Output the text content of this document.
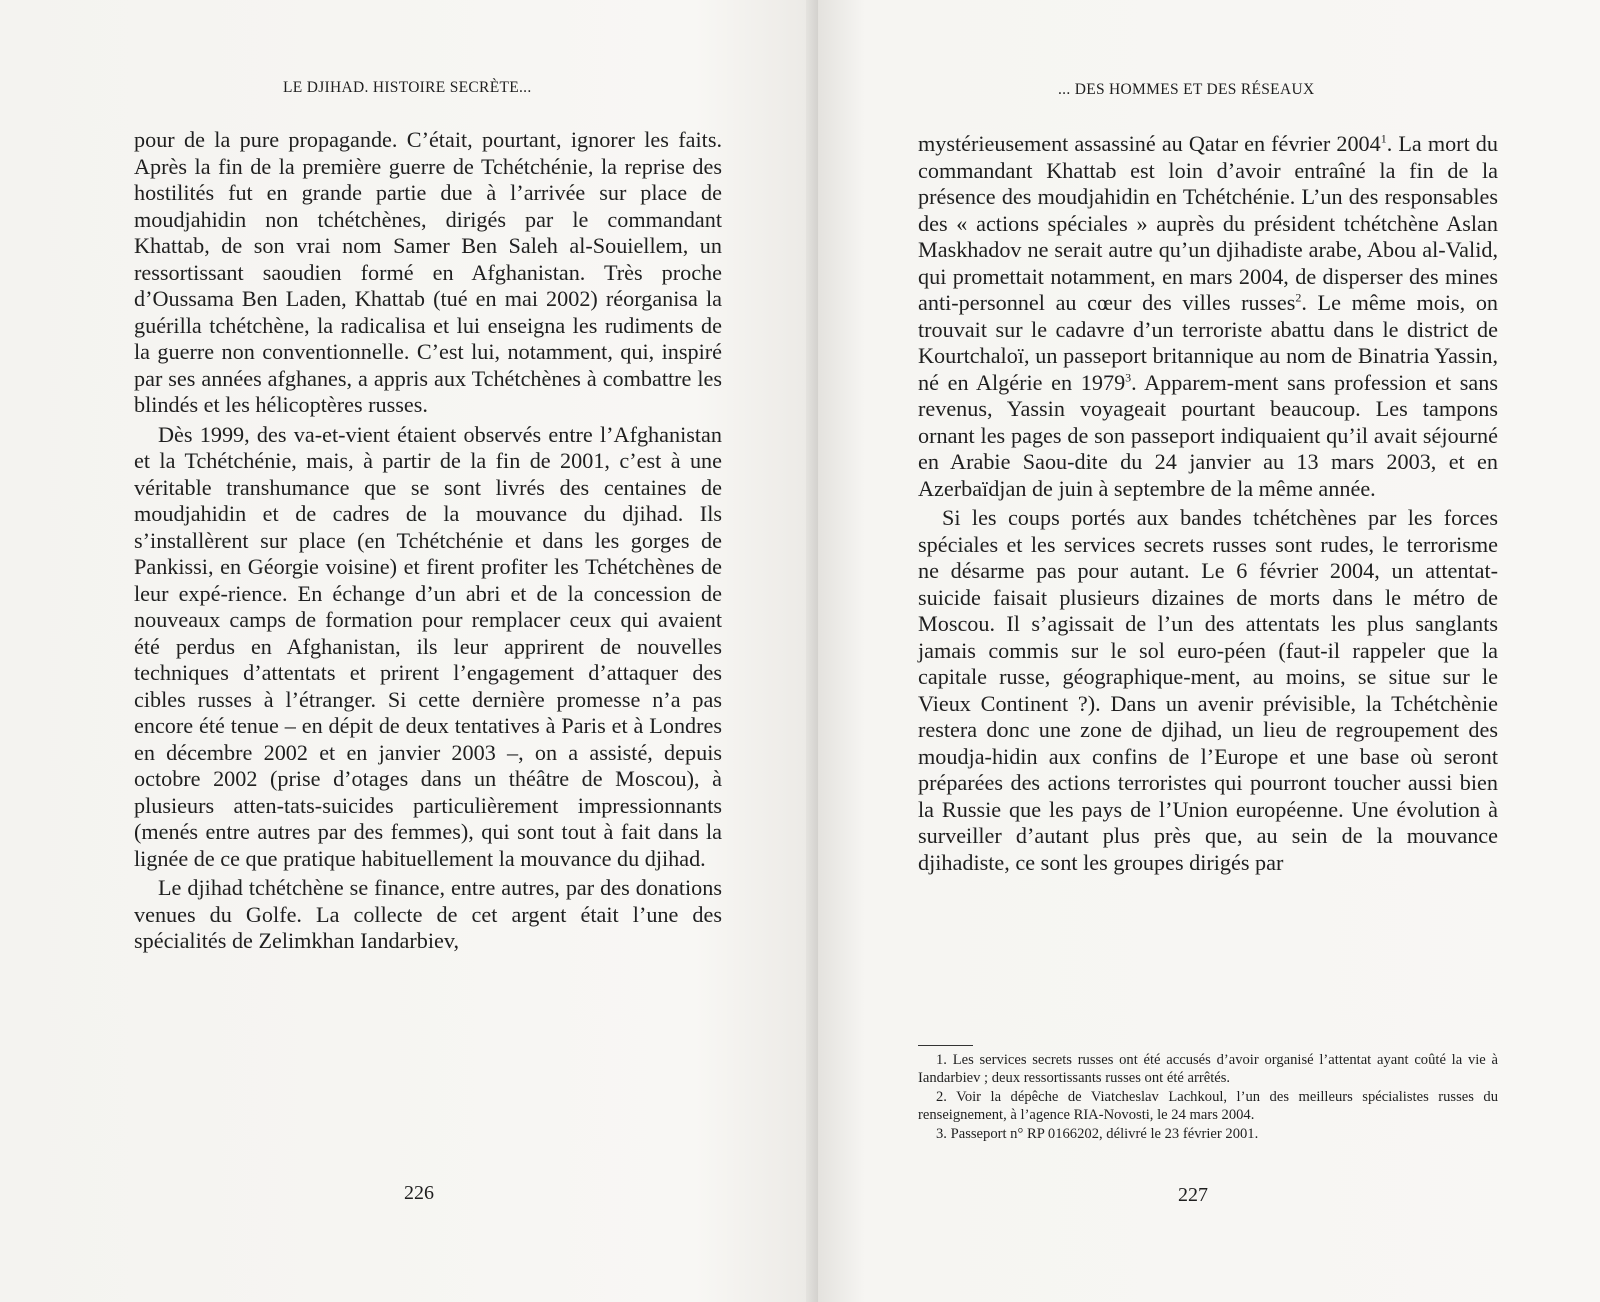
LE DJIHAD. HISTOIRE SECRÈTE...

pour de la pure propagande. C’était, pourtant, ignorer les faits. Après la fin de la première guerre de Tchétchénie, la reprise des hostilités fut en grande partie due à l’arrivée sur place de moudjahidin non tchétchènes, dirigés par le commandant Khattab, de son vrai nom Samer Ben Saleh al-Souiellem, un ressortissant saoudien formé en Afghanistan. Très proche d’Oussama Ben Laden, Khattab (tué en mai 2002) réorganisa la guérilla tchétchène, la radicalisa et lui enseigna les rudiments de la guerre non conventionnelle. C’est lui, notamment, qui, inspiré par ses années afghanes, a appris aux Tchétchènes à combattre les blindés et les hélicoptères russes.

Dès 1999, des va-et-vient étaient observés entre l’Afghanistan et la Tchétchénie, mais, à partir de la fin de 2001, c’est à une véritable transhumance que se sont livrés des centaines de moudjahidin et de cadres de la mouvance du djihad. Ils s’installèrent sur place (en Tchétchénie et dans les gorges de Pankissi, en Géorgie voisine) et firent profiter les Tchétchènes de leur expé-rience. En échange d’un abri et de la concession de nouveaux camps de formation pour remplacer ceux qui avaient été perdus en Afghanistan, ils leur apprirent de nouvelles techniques d’attentats et prirent l’engagement d’attaquer des cibles russes à l’étranger. Si cette dernière promesse n’a pas encore été tenue – en dépit de deux tentatives à Paris et à Londres en décembre 2002 et en janvier 2003 –, on a assisté, depuis octobre 2002 (prise d’otages dans un théâtre de Moscou), à plusieurs atten-tats-suicides particulièrement impressionnants (menés entre autres par des femmes), qui sont tout à fait dans la lignée de ce que pratique habituellement la mouvance du djihad.

Le djihad tchétchène se finance, entre autres, par des donations venues du Golfe. La collecte de cet argent était l’une des spécialités de Zelimkhan Iandarbiev,

226
... DES HOMMES ET DES RÉSEAUX

mystérieusement assassiné au Qatar en février 2004$^1$. La mort du commandant Khattab est loin d’avoir entraîné la fin de la présence des moudjahidin en Tchétchénie. L’un des responsables des « actions spéciales » auprès du président tchétchène Aslan Maskhadov ne serait autre qu’un djihadiste arabe, Abou al-Valid, qui promettait notamment, en mars 2004, de disperser des mines anti-personnel au cœur des villes russes$^2$. Le même mois, on trouvait sur le cadavre d’un terroriste abattu dans le district de Kourtchaloï, un passeport britannique au nom de Binatria Yassin, né en Algérie en 1979$^3$. Apparem-ment sans profession et sans revenus, Yassin voyageait pourtant beaucoup. Les tampons ornant les pages de son passeport indiquaient qu’il avait séjourné en Arabie Saou-dite du 24 janvier au 13 mars 2003, et en Azerbaïdjan de juin à septembre de la même année.

Si les coups portés aux bandes tchétchènes par les forces spéciales et les services secrets russes sont rudes, le terrorisme ne désarme pas pour autant. Le 6 février 2004, un attentat-suicide faisait plusieurs dizaines de morts dans le métro de Moscou. Il s’agissait de l’un des attentats les plus sanglants jamais commis sur le sol euro-péen (faut-il rappeler que la capitale russe, géographique-ment, au moins, se situe sur le Vieux Continent ?). Dans un avenir prévisible, la Tchétchènie restera donc une zone de djihad, un lieu de regroupement des moudja-hidin aux confins de l’Europe et une base où seront préparées des actions terroristes qui pourront toucher aussi bien la Russie que les pays de l’Union européenne. Une évolution à surveiller d’autant plus près que, au sein de la mouvance djihadiste, ce sont les groupes dirigés par

1. Les services secrets russes ont été accusés d’avoir organisé l’attentat ayant coûté la vie à Iandarbiev ; deux ressortissants russes ont été arrêtés.

2. Voir la dépêche de Viatcheslav Lachkoul, l’un des meilleurs spécialistes russes du renseignement, à l’agence RIA-Novosti, le 24 mars 2004.

3. Passeport n° RP 0166202, délivré le 23 février 2001.

227
